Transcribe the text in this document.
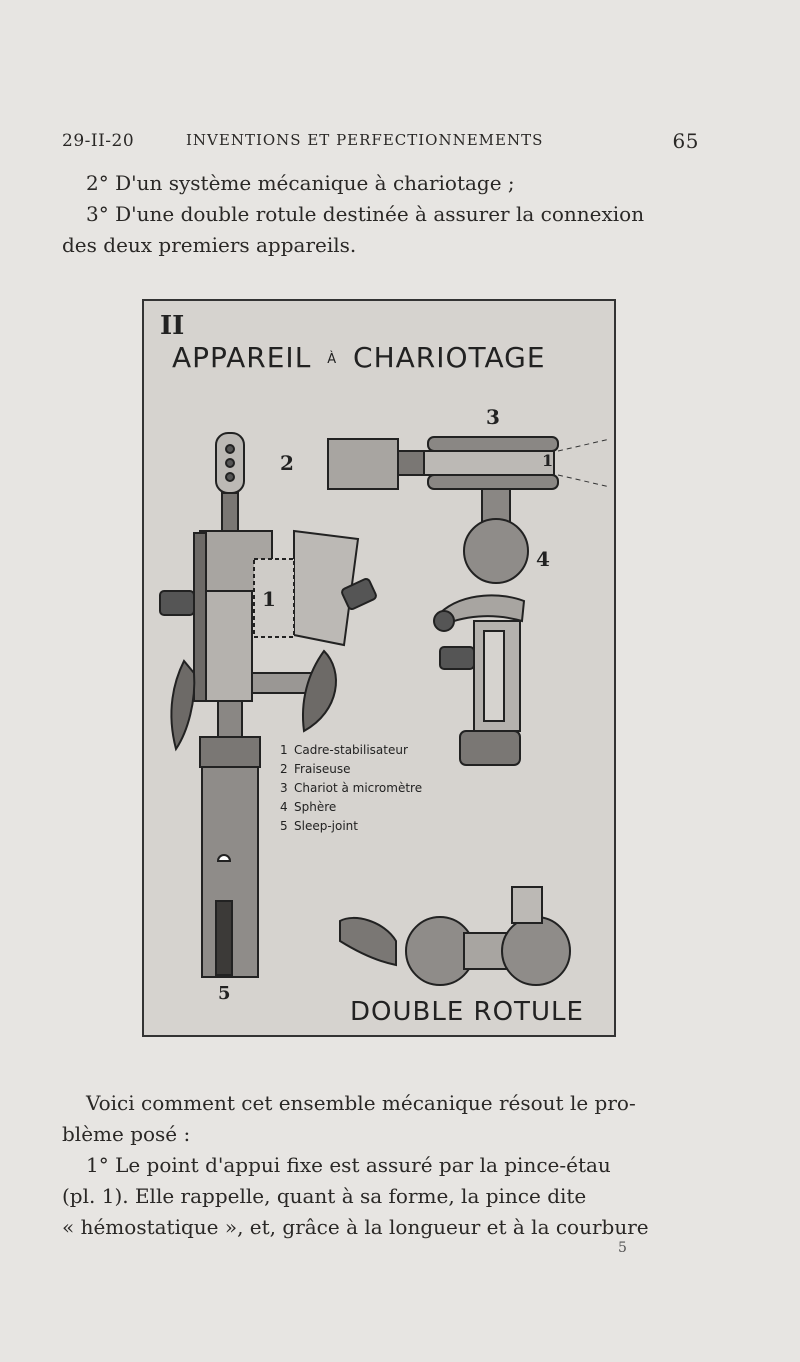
29-II-20	INVENTIONS ET PERFECTIONNEMENTS	65
2° D'un système mécanique à chariotage ;
3° D'une double rotule destinée à assurer la connexion
des deux premiers appareils.
II
APPAREIL À CHARIOTAGE
2
3
1
4
1
5
1 Cadre-stabilisateur
2 Fraiseuse
3 Chariot à micromètre
4 Sphère
5 Sleep-joint
DOUBLE ROTULE
Voici comment cet ensemble mécanique résout le pro-
blème posé :
1° Le point d'appui fixe est assuré par la pince-étau
(pl. 1). Elle rappelle, quant à sa forme, la pince dite
« hémostatique », et, grâce à la longueur et à la courbure
5
